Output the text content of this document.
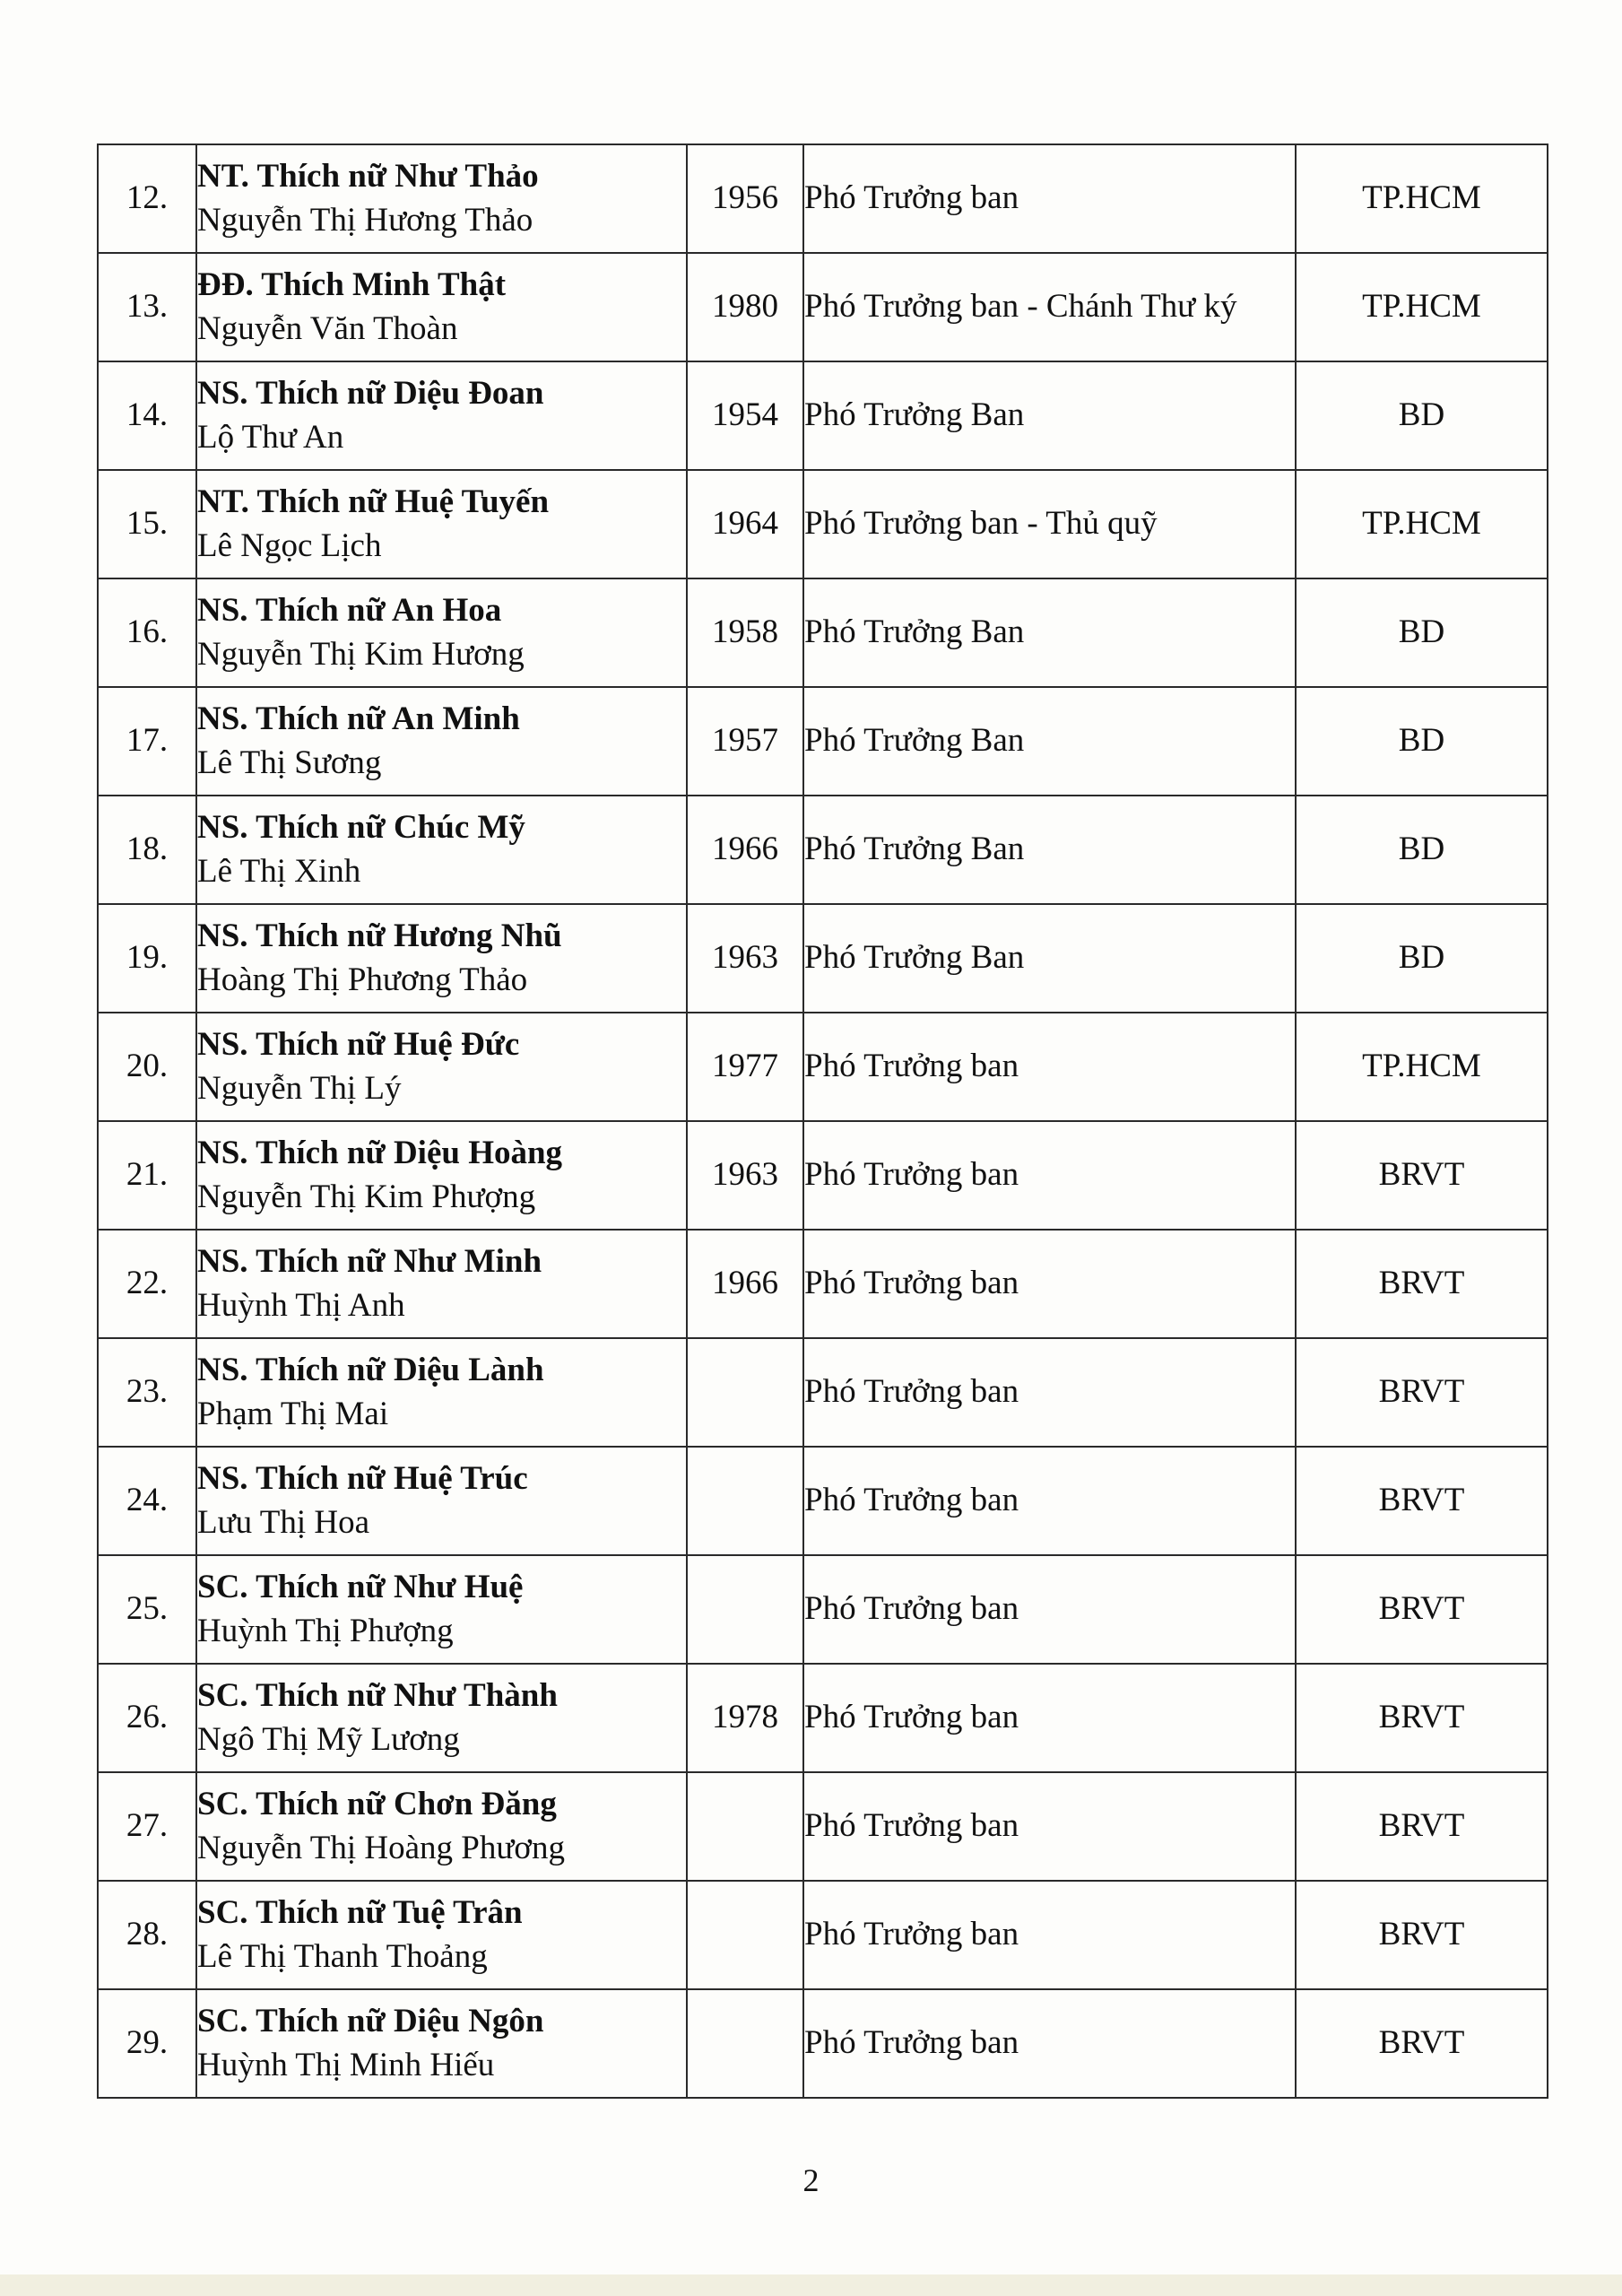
12.	NT. Thích nữ Như Thảo
Nguyễn Thị Hương Thảo	1956	Phó Trưởng ban	TP.HCM
13.	ĐĐ. Thích Minh Thật
Nguyễn Văn Thoàn	1980	Phó Trưởng ban - Chánh Thư ký	TP.HCM
14.	NS. Thích nữ Diệu Đoan
Lộ Thư An	1954	Phó Trưởng Ban	BD
15.	NT. Thích nữ Huệ Tuyến
Lê Ngọc Lịch	1964	Phó Trưởng ban - Thủ quỹ	TP.HCM
16.	NS. Thích nữ An Hoa
Nguyễn Thị Kim Hương	1958	Phó Trưởng Ban	BD
17.	NS. Thích nữ An Minh
Lê Thị Sương	1957	Phó Trưởng Ban	BD
18.	NS. Thích nữ Chúc Mỹ
Lê Thị Xinh	1966	Phó Trưởng Ban	BD
19.	NS. Thích nữ Hương Nhũ
Hoàng Thị Phương Thảo	1963	Phó Trưởng Ban	BD
20.	NS. Thích nữ Huệ Đức
Nguyễn Thị Lý	1977	Phó Trưởng ban	TP.HCM
21.	NS. Thích nữ Diệu Hoàng
Nguyễn Thị Kim Phượng	1963	Phó Trưởng ban	BRVT
22.	NS. Thích nữ Như Minh
Huỳnh Thị Anh	1966	Phó Trưởng ban	BRVT
23.	NS. Thích nữ Diệu Lành
Phạm Thị Mai		Phó Trưởng ban	BRVT
24.	NS. Thích nữ Huệ Trúc
Lưu Thị Hoa		Phó Trưởng ban	BRVT
25.	SC. Thích nữ Như Huệ
Huỳnh Thị Phượng		Phó Trưởng ban	BRVT
26.	SC. Thích nữ Như Thành
Ngô Thị Mỹ Lương	1978	Phó Trưởng ban	BRVT
27.	SC. Thích nữ Chơn Đăng
Nguyễn Thị Hoàng Phương		Phó Trưởng ban	BRVT
28.	SC. Thích nữ Tuệ Trân
Lê Thị Thanh Thoảng		Phó Trưởng ban	BRVT
29.	SC. Thích nữ Diệu Ngôn
Huỳnh Thị Minh Hiếu		Phó Trưởng ban	BRVT
2
